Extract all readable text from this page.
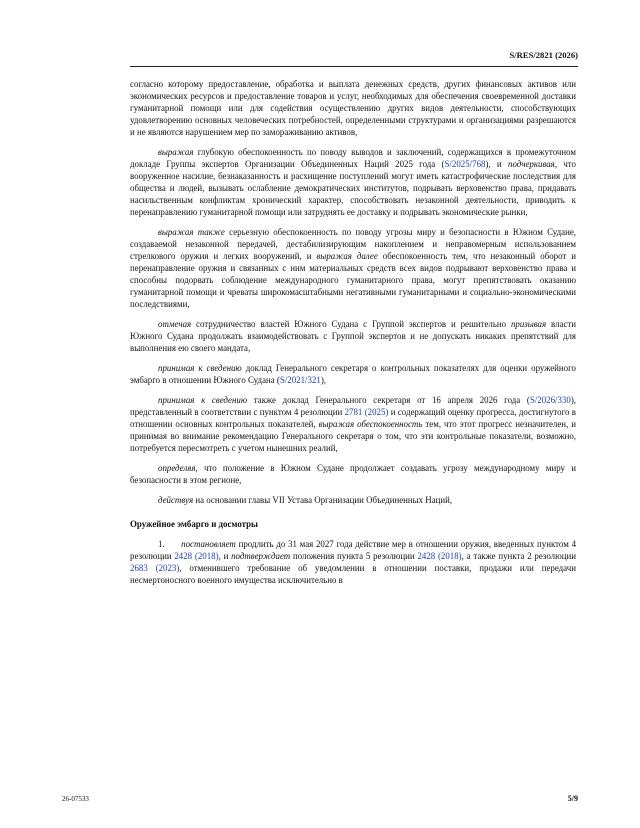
S/RES/2821 (2026)

согласно которому предоставление, обработка и выплата денежных средств, других финансовых активов или экономических ресурсов и предоставление товаров и услуг, необходимых для обеспечения своевременной доставки гуманитарной помощи или для содействия осуществлению других видов деятельности, способствующих удовлетворению основных человеческих потребностей, определенными структурами и организациями разрешаются и не являются нарушением мер по замораживанию активов,

выражая глубокую обеспокоенность по поводу выводов и заключений, содержащихся в промежуточном докладе Группы экспертов Организации Объединенных Наций 2025 года (S/2025/768), и подчеркивая, что вооруженное насилие, безнаказанность и расхищение поступлений могут иметь катастрофические последствия для общества и людей, вызывать ослабление демократических институтов, подрывать верховенство права, придавать насильственным конфликтам хронический характер, способствовать незаконной деятельности, приводить к перенаправлению гуманитарной помощи или затруднять ее доставку и подрывать экономические рынки,

выражая также серьезную обеспокоенность по поводу угрозы миру и безопасности в Южном Судане, создаваемой незаконной передачей, дестабилизирующим накоплением и неправомерным использованием стрелкового оружия и легких вооружений, и выражая далее обеспокоенность тем, что незаконный оборот и перенаправление оружия и связанных с ним материальных средств всех видов подрывают верховенство права и способны подорвать соблюдение международного гуманитарного права, могут препятствовать оказанию гуманитарной помощи и чреваты широкомасштабными негативными гуманитарными и социально-экономическими последствиями,

отмечая сотрудничество властей Южного Судана с Группой экспертов и решительно призывая власти Южного Судана продолжать взаимодействовать с Группой экспертов и не допускать никаких препятствий для выполнения ею своего мандата,

принимая к сведению доклад Генерального секретаря о контрольных показателях для оценки оружейного эмбарго в отношении Южного Судана (S/2021/321),

принимая к сведению также доклад Генерального секретаря от 16 апреля 2026 года (S/2026/330), представленный в соответствии с пунктом 4 резолюции 2781 (2025) и содержащий оценку прогресса, достигнутого в отношении основных контрольных показателей, выражая обеспокоенность тем, что этот прогресс незначителен, и принимая во внимание рекомендацию Генерального секретаря о том, что эти контрольные показатели, возможно, потребуется пересмотреть с учетом нынешних реалий,

определяя, что положение в Южном Судане продолжает создавать угрозу международному миру и безопасности в этом регионе,

действуя на основании главы VII Устава Организации Объединенных Наций,

Оружейное эмбарго и досмотры

1. постановляет продлить до 31 мая 2027 года действие мер в отношении оружия, введенных пунктом 4 резолюции 2428 (2018), и подтверждает положения пункта 5 резолюции 2428 (2018), а также пункта 2 резолюции 2683 (2023), отменившего требование об уведомлении в отношении поставки, продажи или передачи несмертоносного военного имущества исключительно в

26-07533	5/9
